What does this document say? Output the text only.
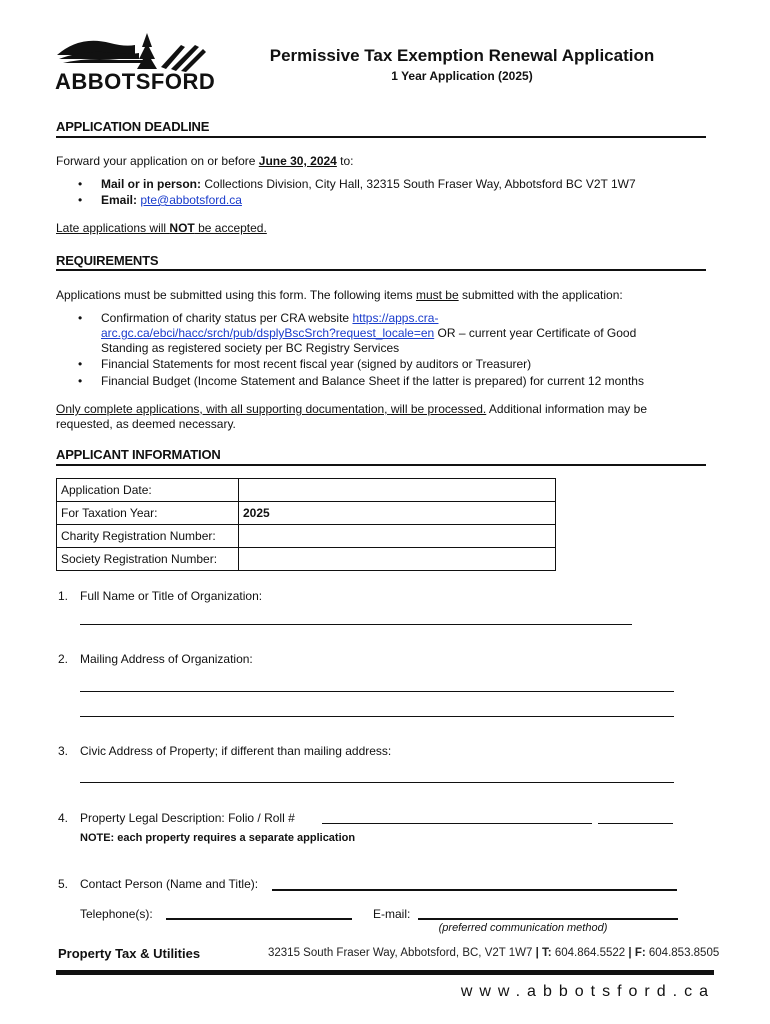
ABBOTSFORD
Permissive Tax Exemption Renewal Application
1 Year Application (2025)
APPLICATION DEADLINE
Forward your application on or before June 30, 2024 to:
• Mail or in person: Collections Division, City Hall, 32315 South Fraser Way, Abbotsford BC V2T 1W7
• Email: pte@abbotsford.ca
Late applications will NOT be accepted.
REQUIREMENTS
Applications must be submitted using this form. The following items must be submitted with the application:
• Confirmation of charity status per CRA website https://apps.cra-
arc.gc.ca/ebci/hacc/srch/pub/dsplyBscSrch?request_locale=en OR – current year Certificate of Good
Standing as registered society per BC Registry Services
• Financial Statements for most recent fiscal year (signed by auditors or Treasurer)
• Financial Budget (Income Statement and Balance Sheet if the latter is prepared) for current 12 months
Only complete applications, with all supporting documentation, will be processed. Additional information may be
requested, as deemed necessary.
APPLICANT INFORMATION
Application Date:	
For Taxation Year:	2025
Charity Registration Number:	
Society Registration Number:	
1. Full Name or Title of Organization:
2. Mailing Address of Organization:
3. Civic Address of Property; if different than mailing address:
4. Property Legal Description: Folio / Roll #
NOTE: each property requires a separate application
5. Contact Person (Name and Title):
Telephone(s):	E-mail:
(preferred communication method)
Property Tax & Utilities	32315 South Fraser Way, Abbotsford, BC, V2T 1W7 | T: 604.864.5522 | F: 604.853.8505
www.abbotsford.ca
